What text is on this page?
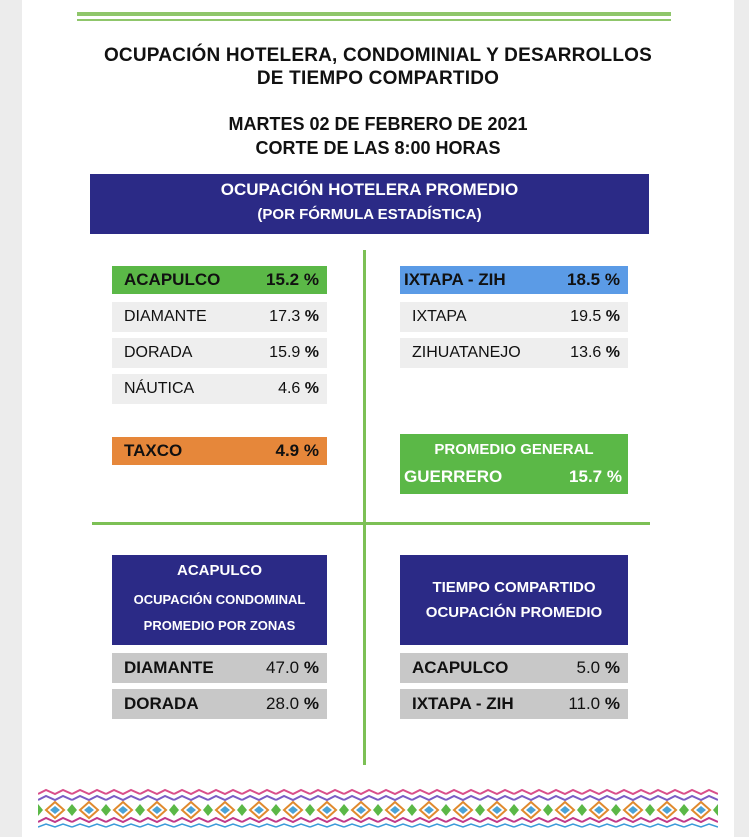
OCUPACIÓN HOTELERA, CONDOMINIAL Y DESARROLLOS
DE TIEMPO COMPARTIDO
MARTES 02 DE FEBRERO DE 2021
CORTE DE LAS 8:00 HORAS
OCUPACIÓN HOTELERA PROMEDIO
(POR FÓRMULA ESTADÍSTICA)
ACAPULCO	15.2 %
DIAMANTE	17.3 %
DORADA	15.9 %
NÁUTICA	4.6 %
TAXCO	4.9 %
IXTAPA - ZIH	18.5 %
IXTAPA	19.5 %
ZIHUATANEJO	13.6 %
PROMEDIO GENERAL
GUERRERO	15.7 %
ACAPULCO
OCUPACIÓN CONDOMINAL
PROMEDIO POR ZONAS
DIAMANTE	47.0 %
DORADA	28.0 %
TIEMPO COMPARTIDO
OCUPACIÓN PROMEDIO
ACAPULCO	5.0 %
IXTAPA - ZIH	11.0 %
